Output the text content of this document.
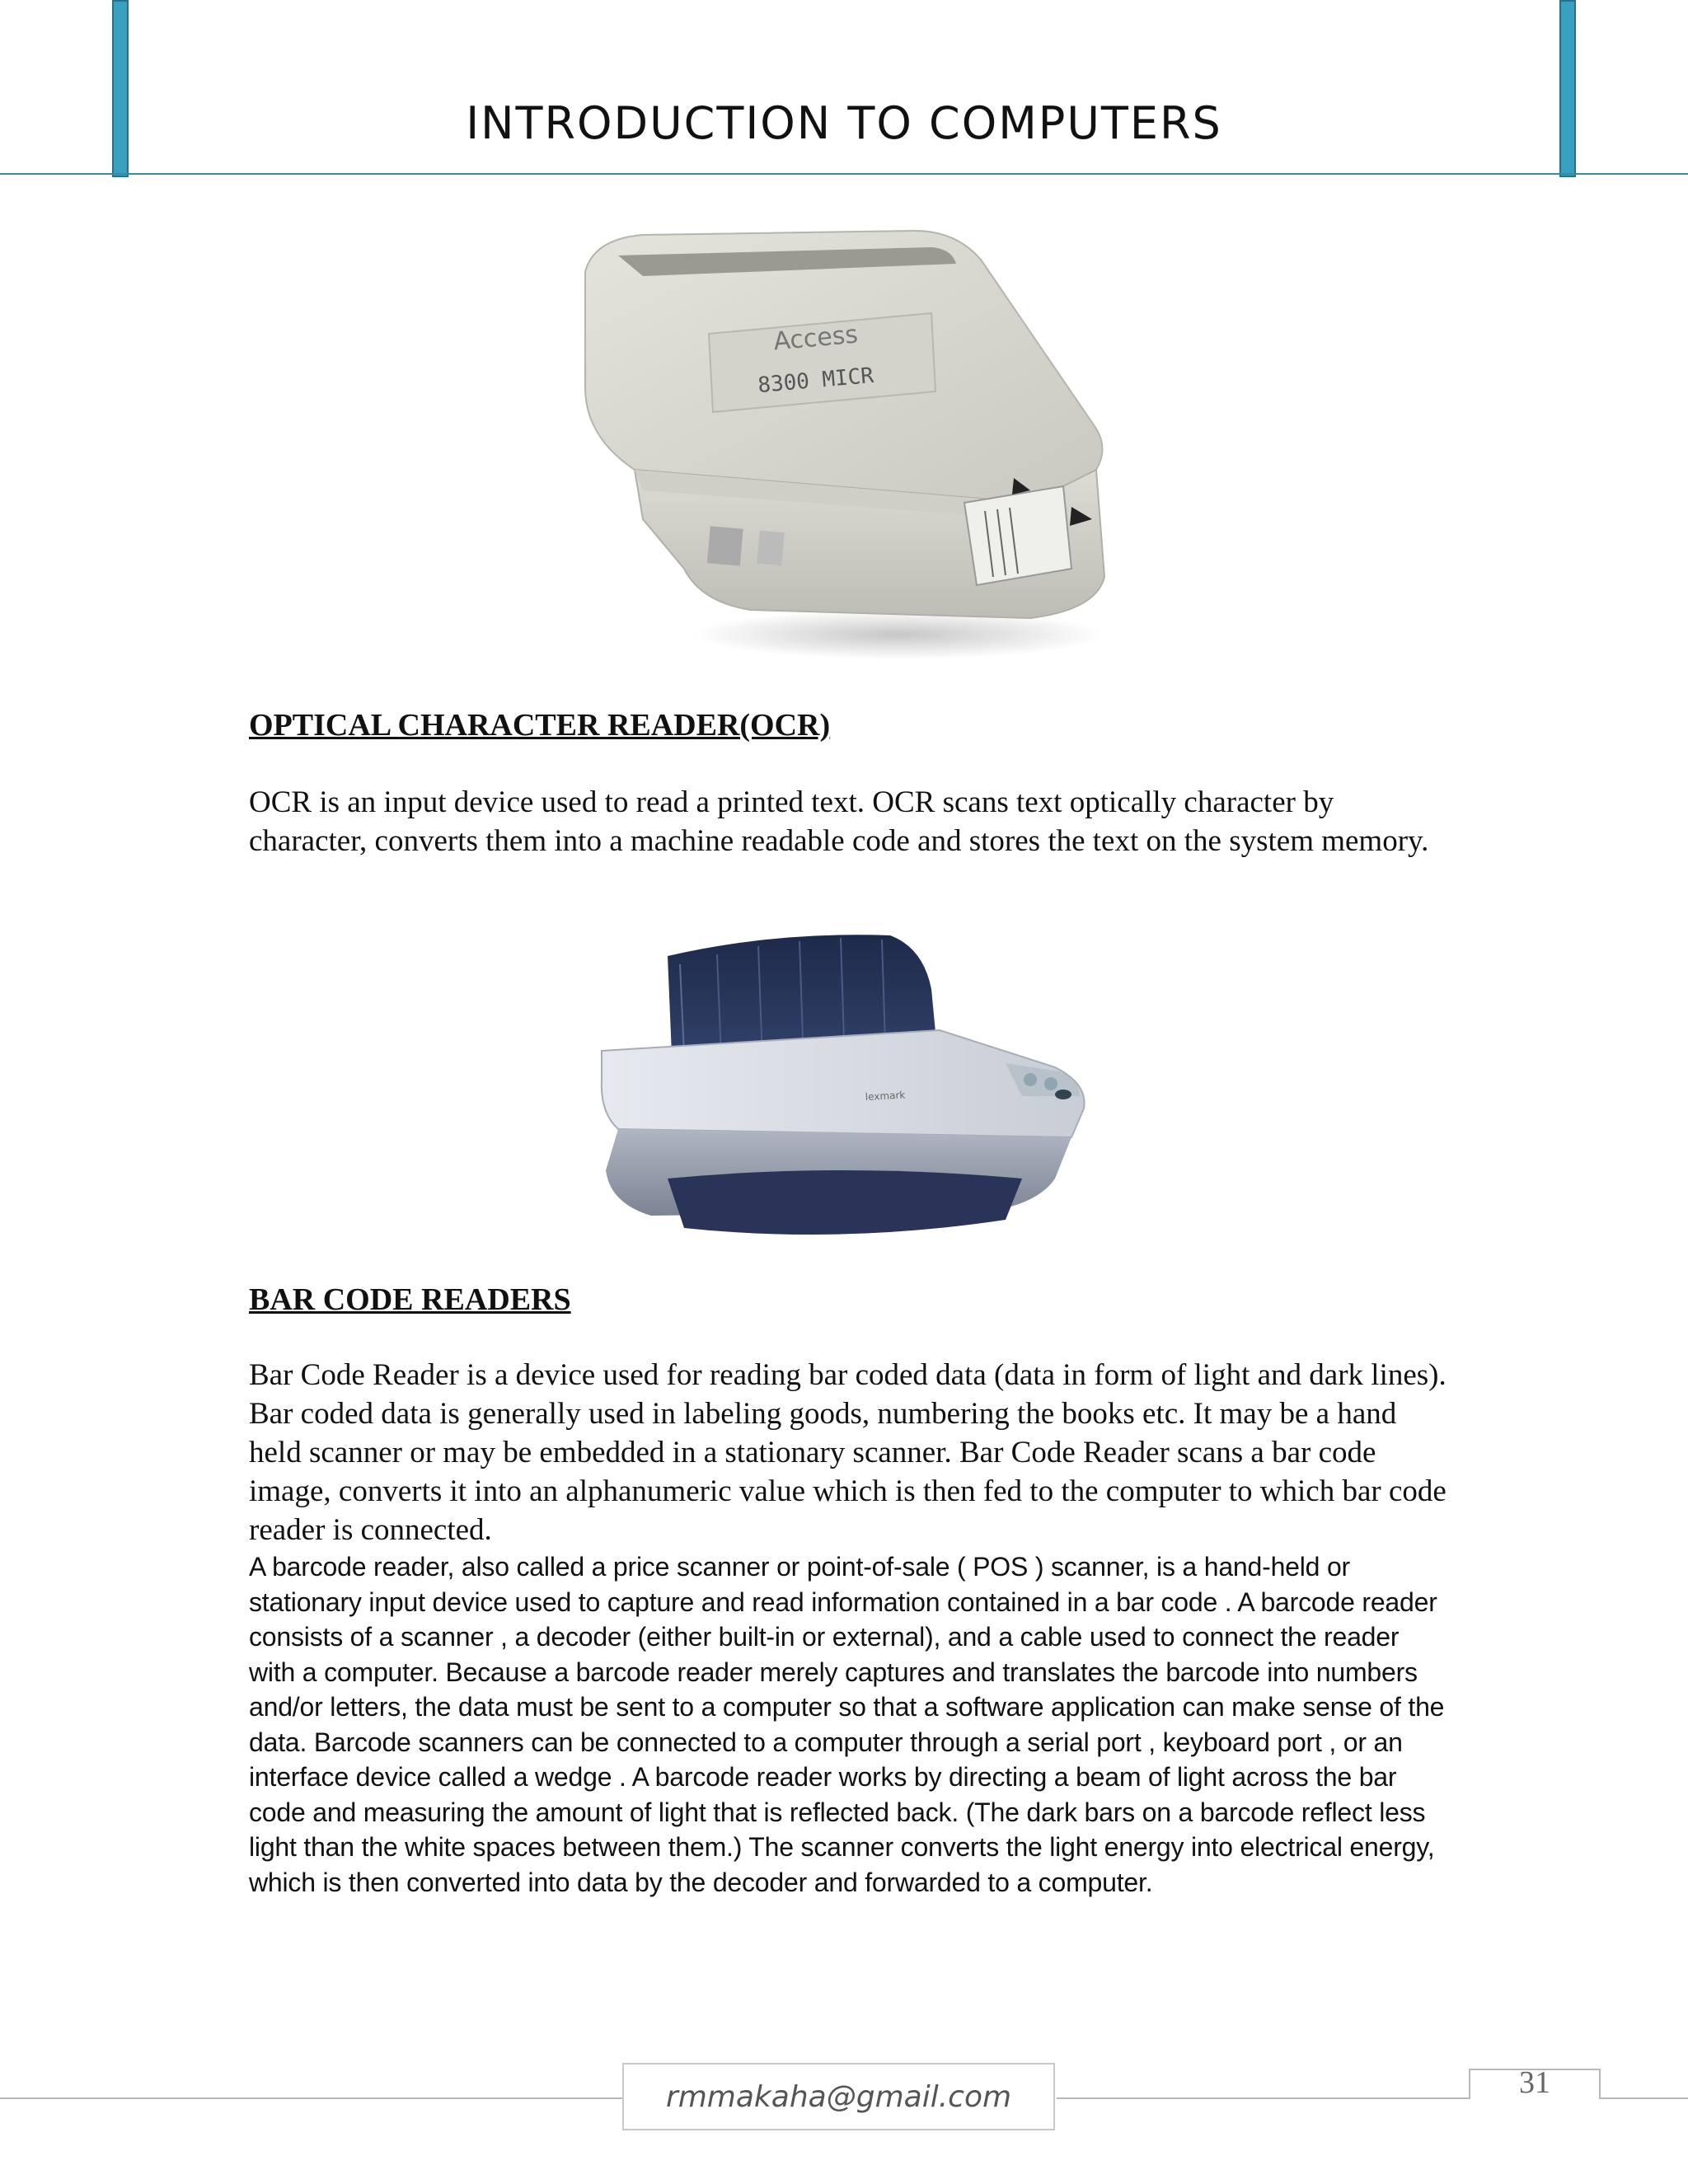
INTRODUCTION TO COMPUTERS
Access
8300 MICR
OPTICAL CHARACTER READER(OCR)

OCR is an input device used to read a printed text. OCR scans text optically character by character, converts them into a machine readable code and stores the text on the system memory.

lexmark
BAR CODE READERS

Bar Code Reader is a device used for reading bar coded data (data in form of light and dark lines). Bar coded data is generally used in labeling goods, numbering the books etc. It may be a hand held scanner or may be embedded in a stationary scanner. Bar Code Reader scans a bar code image, converts it into an alphanumeric value which is then fed to the computer to which bar code reader is connected.

A barcode reader, also called a price scanner or point-of-sale ( POS ) scanner, is a hand-held or stationary input device used to capture and read information contained in a bar code . A barcode reader consists of a scanner , a decoder (either built-in or external), and a cable used to connect the reader with a computer. Because a barcode reader merely captures and translates the barcode into numbers and/or letters, the data must be sent to a computer so that a software application can make sense of the data. Barcode scanners can be connected to a computer through a serial port , keyboard port , or an interface device called a wedge . A barcode reader works by directing a beam of light across the bar code and measuring the amount of light that is reflected back. (The dark bars on a barcode reflect less light than the white spaces between them.) The scanner converts the light energy into electrical energy, which is then converted into data by the decoder and forwarded to a computer.

rmmakaha@gmail.com	31
